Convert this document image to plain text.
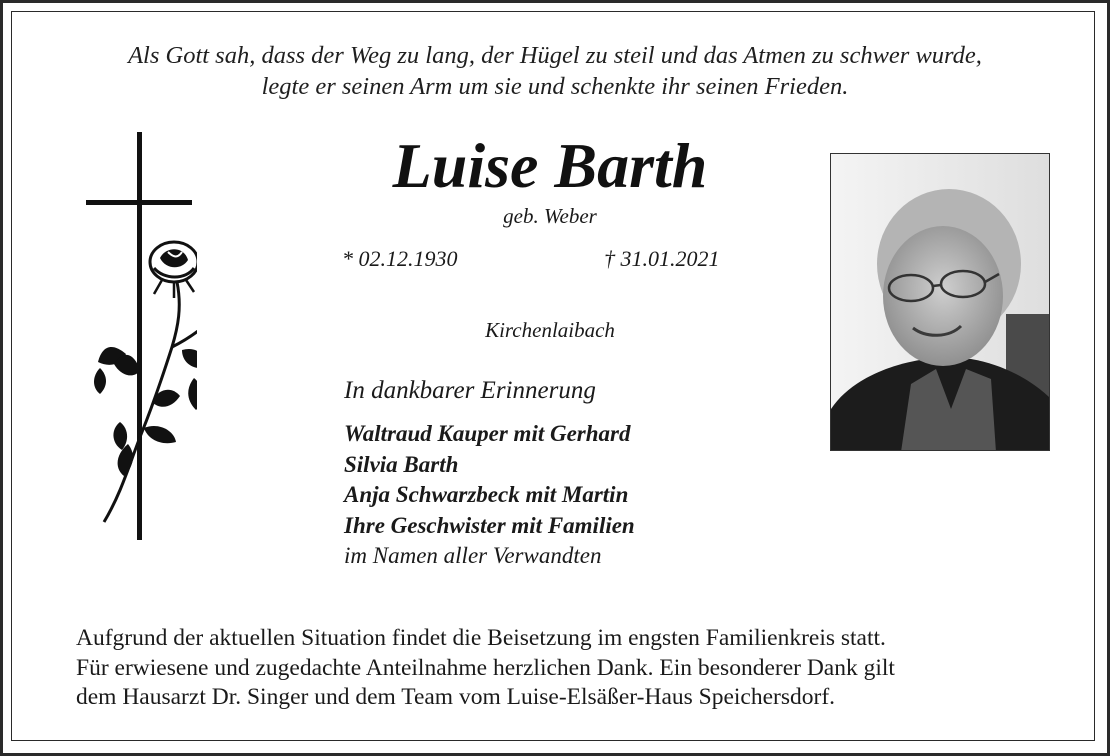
Als Gott sah, dass der Weg zu lang, der Hügel zu steil und das Atmen zu schwer wurde,
legte er seinen Arm um sie und schenkte ihr seinen Frieden.
Luise Barth
geb. Weber
* 02.12.1930	† 31.01.2021
Kirchenlaibach
In dankbarer Erinnerung
Waltraud Kauper mit Gerhard
Silvia Barth
Anja Schwarzbeck mit Martin
Ihre Geschwister mit Familien
im Namen aller Verwandten
Aufgrund der aktuellen Situation findet die Beisetzung im engsten Familienkreis statt.
Für erwiesene und zugedachte Anteilnahme herzlichen Dank. Ein besonderer Dank gilt
dem Hausarzt Dr. Singer und dem Team vom Luise-Elsäßer-Haus Speichersdorf.
